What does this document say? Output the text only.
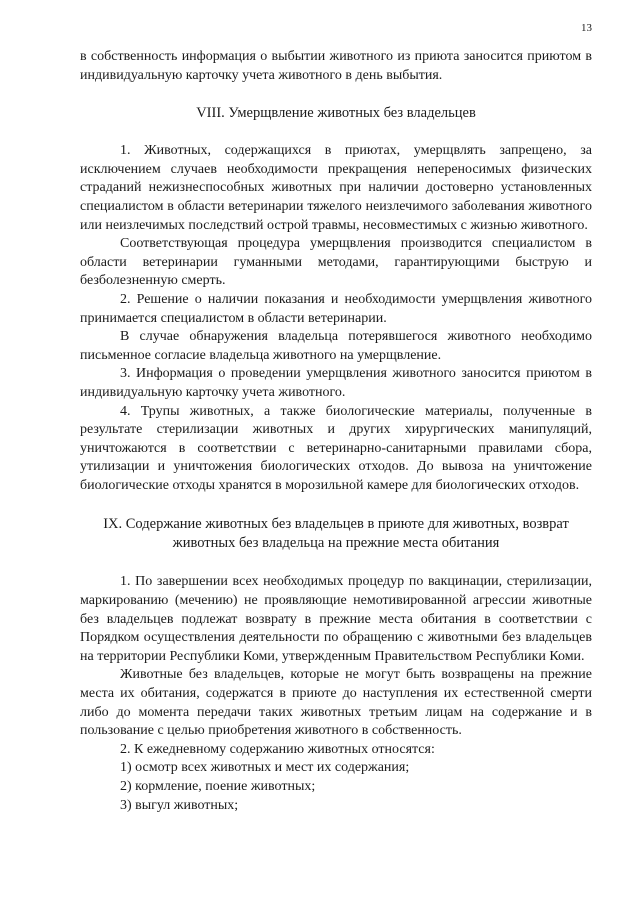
13

в собственность информация о выбытии животного из приюта заносится приютом в индивидуальную карточку учета животного в день выбытия.

VIII. Умерщвление животных без владельцев

1. Животных, содержащихся в приютах, умерщвлять запрещено, за исключением случаев необходимости прекращения непереносимых физических страданий нежизнеспособных животных при наличии достоверно установленных специалистом в области ветеринарии тяжелого неизлечимого заболевания животного или неизлечимых последствий острой травмы, несовместимых с жизнью животного.

Соответствующая процедура умерщвления производится специалистом в области ветеринарии гуманными методами, гарантирующими быструю и безболезненную смерть.

2. Решение о наличии показания и необходимости умерщвления животного принимается специалистом в области ветеринарии.

В случае обнаружения владельца потерявшегося животного необходимо письменное согласие владельца животного на умерщвление.

3. Информация о проведении умерщвления животного заносится приютом в индивидуальную карточку учета животного.

4. Трупы животных, а также биологические материалы, полученные в результате стерилизации животных и других хирургических манипуляций, уничтожаются в соответствии с ветеринарно-санитарными правилами сбора, утилизации и уничтожения биологических отходов. До вывоза на уничтожение биологические отходы хранятся в морозильной камере для биологических отходов.

IX. Содержание животных без владельцев в приюте для животных, возврат животных без владельца на прежние места обитания

1. По завершении всех необходимых процедур по вакцинации, стерилизации, маркированию (мечению) не проявляющие немотивированной агрессии животные без владельцев подлежат возврату в прежние места обитания в соответствии с Порядком осуществления деятельности по обращению с животными без владельцев на территории Республики Коми, утвержденным Правительством Республики Коми.

Животные без владельцев, которые не могут быть возвращены на прежние места их обитания, содержатся в приюте до наступления их естественной смерти либо до момента передачи таких животных третьим лицам на содержание и в пользование с целью приобретения животного в собственность.

2. К ежедневному содержанию животных относятся:

1) осмотр всех животных и мест их содержания;

2) кормление, поение животных;

3) выгул животных;
